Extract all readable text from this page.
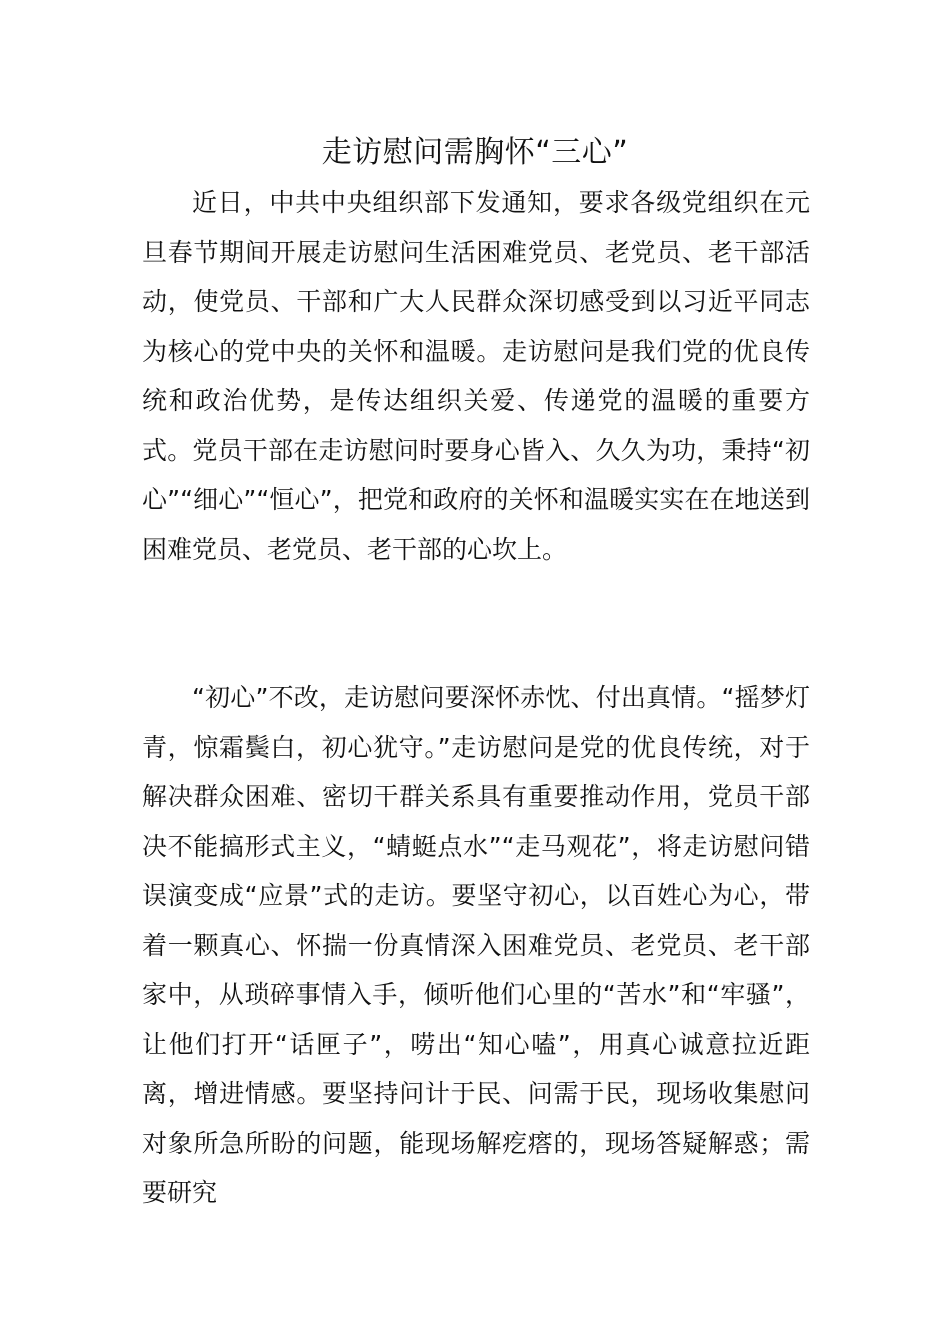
走访慰问需胸怀“三心”

近日，中共中央组织部下发通知，要求各级党组织在元旦春节期间开展走访慰问生活困难党员、老党员、老干部活动，使党员、干部和广大人民群众深切感受到以习近平同志为核心的党中央的关怀和温暖。走访慰问是我们党的优良传统和政治优势，是传达组织关爱、传递党的温暖的重要方式。党员干部在走访慰问时要身心皆入、久久为功，秉持“初心”“细心”“恒心”，把党和政府的关怀和温暖实实在在地送到困难党员、老党员、老干部的心坎上。

“初心”不改，走访慰问要深怀赤忱、付出真情。“摇梦灯青，惊霜鬓白，初心犹守。”走访慰问是党的优良传统，对于解决群众困难、密切干群关系具有重要推动作用，党员干部决不能搞形式主义，“蜻蜓点水”“走马观花”，将走访慰问错误演变成“应景”式的走访。要坚守初心，以百姓心为心，带着一颗真心、怀揣一份真情深入困难党员、老党员、老干部家中，从琐碎事情入手，倾听他们心里的“苦水”和“牢骚”，让他们打开“话匣子”，唠出“知心嗑”，用真心诚意拉近距离，增进情感。要坚持问计于民、问需于民，现场收集慰问对象所急所盼的问题，能现场解疙瘩的，现场答疑解惑；需要研究
